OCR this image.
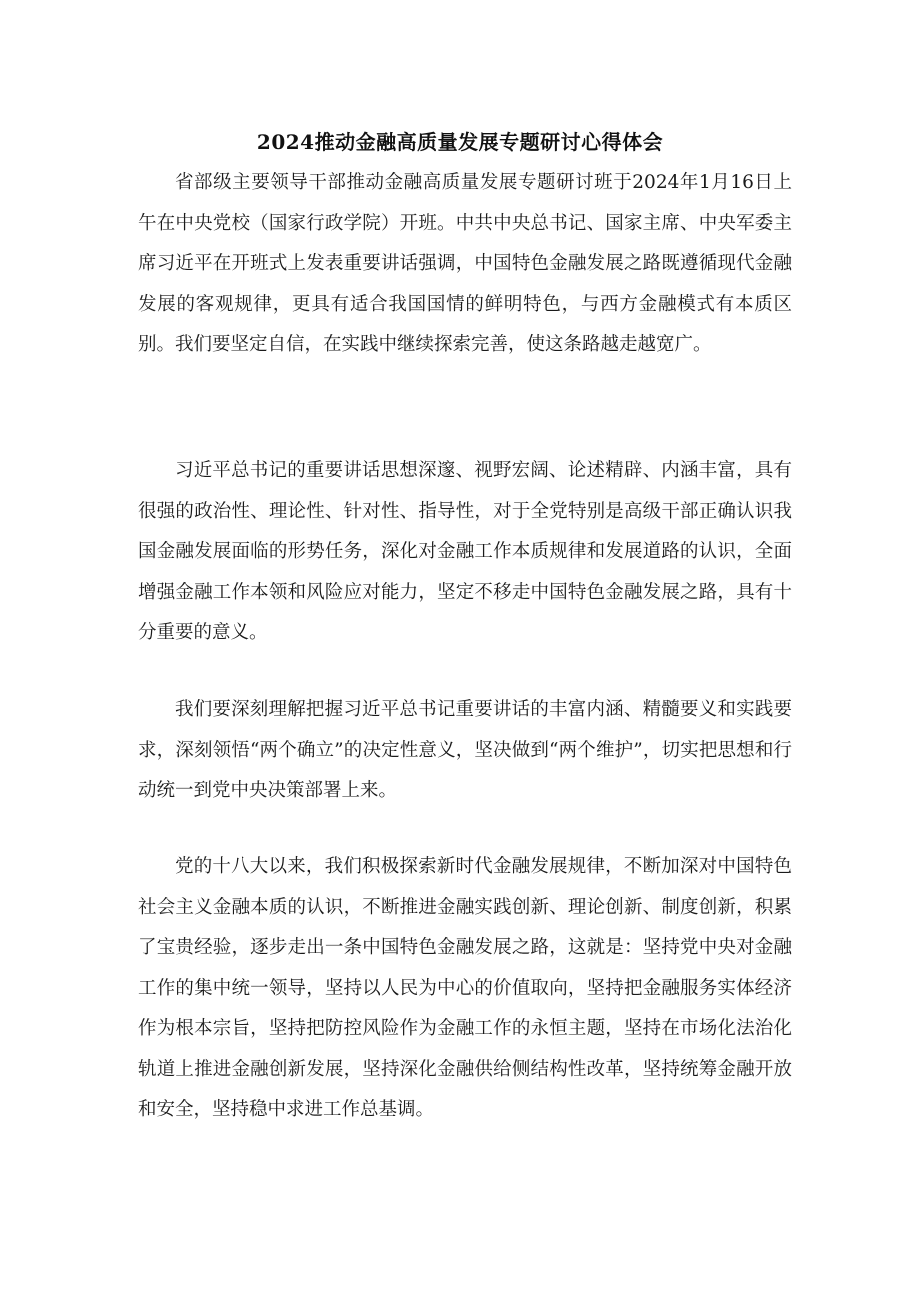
2024推动金融高质量发展专题研讨心得体会

省部级主要领导干部推动金融高质量发展专题研讨班于2024年1月16日上午在中央党校（国家行政学院）开班。中共中央总书记、国家主席、中央军委主席习近平在开班式上发表重要讲话强调，中国特色金融发展之路既遵循现代金融发展的客观规律，更具有适合我国国情的鲜明特色，与西方金融模式有本质区别。我们要坚定自信，在实践中继续探索完善，使这条路越走越宽广。

习近平总书记的重要讲话思想深邃、视野宏阔、论述精辟、内涵丰富，具有很强的政治性、理论性、针对性、指导性，对于全党特别是高级干部正确认识我国金融发展面临的形势任务，深化对金融工作本质规律和发展道路的认识，全面增强金融工作本领和风险应对能力，坚定不移走中国特色金融发展之路，具有十分重要的意义。

我们要深刻理解把握习近平总书记重要讲话的丰富内涵、精髓要义和实践要求，深刻领悟“两个确立”的决定性意义，坚决做到“两个维护”，切实把思想和行动统一到党中央决策部署上来。

党的十八大以来，我们积极探索新时代金融发展规律，不断加深对中国特色社会主义金融本质的认识，不断推进金融实践创新、理论创新、制度创新，积累了宝贵经验，逐步走出一条中国特色金融发展之路，这就是：坚持党中央对金融工作的集中统一领导，坚持以人民为中心的价值取向，坚持把金融服务实体经济作为根本宗旨，坚持把防控风险作为金融工作的永恒主题，坚持在市场化法治化轨道上推进金融创新发展，坚持深化金融供给侧结构性改革，坚持统筹金融开放和安全，坚持稳中求进工作总基调。
